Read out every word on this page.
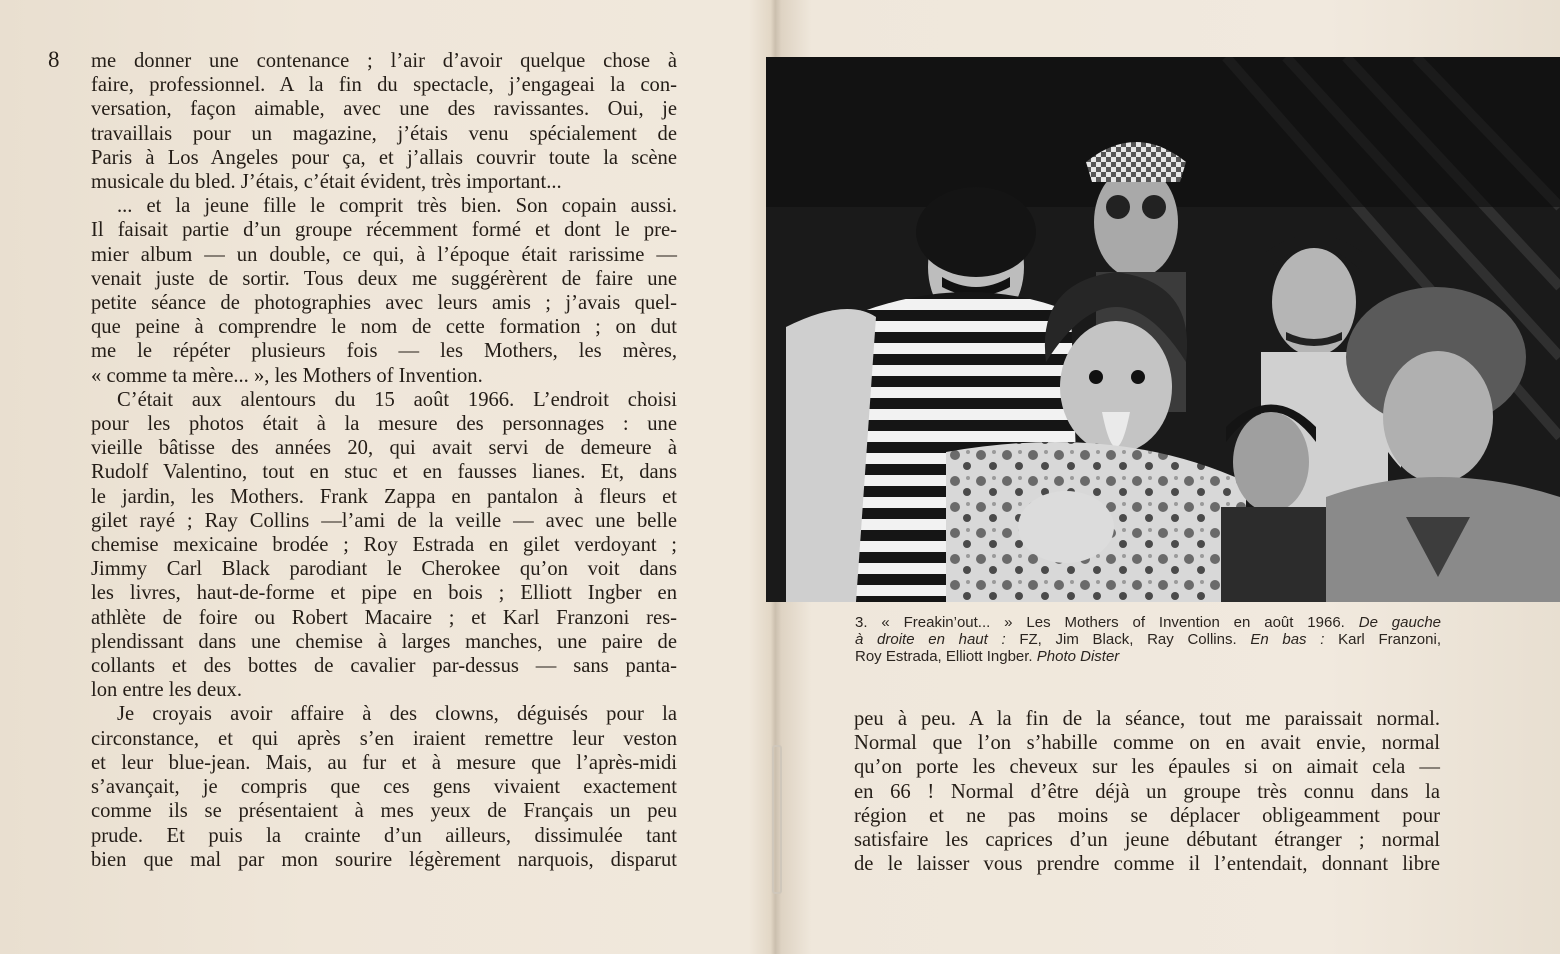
8 me donner une contenance ; l’air d’avoir quelque chose à

faire, professionnel. A la fin du spectacle, j’engageai la con-

versation, façon aimable, avec une des ravissantes. Oui, je

travaillais pour un magazine, j’étais venu spécialement de

Paris à Los Angeles pour ça, et j’allais couvrir toute la scène

musicale du bled. J’étais, c’était évident, très important...

... et la jeune fille le comprit très bien. Son copain aussi.

Il faisait partie d’un groupe récemment formé et dont le pre-

mier album — un double, ce qui, à l’époque était rarissime —

venait juste de sortir. Tous deux me suggérèrent de faire une

petite séance de photographies avec leurs amis ; j’avais quel-

que peine à comprendre le nom de cette formation ; on dut

me le répéter plusieurs fois — les Mothers, les mères,

« comme ta mère... », les Mothers of Invention.

C’était aux alentours du 15 août 1966. L’endroit choisi

pour les photos était à la mesure des personnages : une

vieille bâtisse des années 20, qui avait servi de demeure à

Rudolf Valentino, tout en stuc et en fausses lianes. Et, dans

le jardin, les Mothers. Frank Zappa en pantalon à fleurs et

gilet rayé ; Ray Collins —l’ami de la veille — avec une belle

chemise mexicaine brodée ; Roy Estrada en gilet verdoyant ;

Jimmy Carl Black parodiant le Cherokee qu’on voit dans

les livres, haut-de-forme et pipe en bois ; Elliott Ingber en

athlète de foire ou Robert Macaire ; et Karl Franzoni res-

plendissant dans une chemise à larges manches, une paire de

collants et des bottes de cavalier par-dessus — sans panta-

lon entre les deux.

Je croyais avoir affaire à des clowns, déguisés pour la

circonstance, et qui après s’en iraient remettre leur veston

et leur blue-jean. Mais, au fur et à mesure que l’après-midi

s’avançait, je compris que ces gens vivaient exactement

comme ils se présentaient à mes yeux de Français un peu

prude. Et puis la crainte d’un ailleurs, dissimulée tant

bien que mal par mon sourire légèrement narquois, disparut

3. « Freakin’out... » Les Mothers of Invention en août 1966. De gauche
à droite en haut : FZ, Jim Black, Ray Collins. En bas : Karl Franzoni,
Roy Estrada, Elliott Ingber. Photo Dister

peu à peu. A la fin de la séance, tout me paraissait normal.

Normal que l’on s’habille comme on en avait envie, normal

qu’on porte les cheveux sur les épaules si on aimait cela —

en 66 ! Normal d’être déjà un groupe très connu dans la

région et ne pas moins se déplacer obligeamment pour

satisfaire les caprices d’un jeune débutant étranger ; normal

de le laisser vous prendre comme il l’entendait, donnant libre
